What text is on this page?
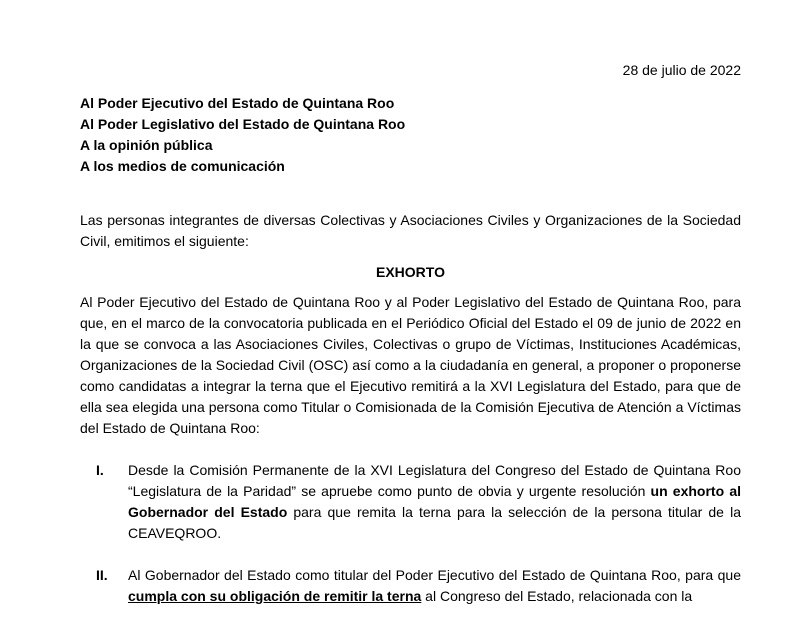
28 de julio de 2022
Al Poder Ejecutivo del Estado de Quintana Roo
Al Poder Legislativo del Estado de Quintana Roo
A la opinión pública
A los medios de comunicación
Las personas integrantes de diversas Colectivas y Asociaciones Civiles y Organizaciones de la Sociedad Civil, emitimos el siguiente:
EXHORTO
Al Poder Ejecutivo del Estado de Quintana Roo y al Poder Legislativo del Estado de Quintana Roo, para que, en el marco de la convocatoria publicada en el Periódico Oficial del Estado el 09 de junio de 2022 en la que se convoca a las Asociaciones Civiles, Colectivas o grupo de Víctimas, Instituciones Académicas, Organizaciones de la Sociedad Civil (OSC) así como a la ciudadanía en general, a proponer o proponerse como candidatas a integrar la terna que el Ejecutivo remitirá a la XVI Legislatura del Estado, para que de ella sea elegida una persona como Titular o Comisionada de la Comisión Ejecutiva de Atención a Víctimas del Estado de Quintana Roo:
I.	Desde la Comisión Permanente de la XVI Legislatura del Congreso del Estado de Quintana Roo “Legislatura de la Paridad” se apruebe como punto de obvia y urgente resolución un exhorto al Gobernador del Estado para que remita la terna para la selección de la persona titular de la CEAVEQROO.
II.	Al Gobernador del Estado como titular del Poder Ejecutivo del Estado de Quintana Roo, para que cumpla con su obligación de remitir la terna al Congreso del Estado, relacionada con la
